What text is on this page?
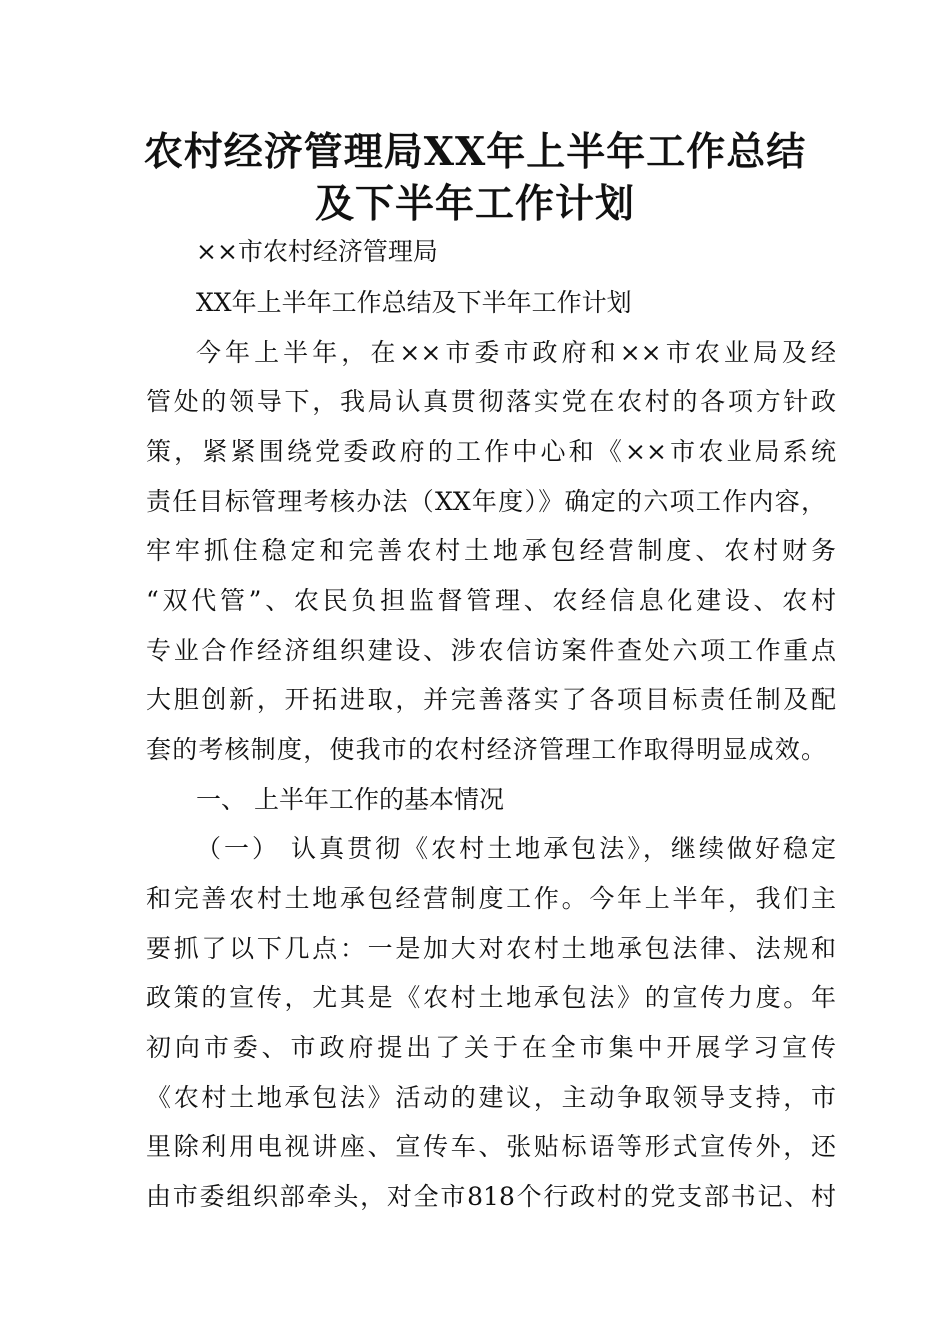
农村经济管理局XX年上半年工作总结
及下半年工作计划

××市农村经济管理局

XX年上半年工作总结及下半年工作计划

今年上半年，在××市委市政府和××市农业局及经

管处的领导下，我局认真贯彻落实党在农村的各项方针政

策，紧紧围绕党委政府的工作中心和《××市农业局系统

责任目标管理考核办法（XX年度）》确定的六项工作内容，

牢牢抓住稳定和完善农村土地承包经营制度、农村财务

“双代管”、农民负担监督管理、农经信息化建设、农村

专业合作经济组织建设、涉农信访案件查处六项工作重点

大胆创新，开拓进取，并完善落实了各项目标责任制及配

套的考核制度，使我市的农村经济管理工作取得明显成效。

一、 上半年工作的基本情况

（一） 认真贯彻《农村土地承包法》，继续做好稳定

和完善农村土地承包经营制度工作。今年上半年，我们主

要抓了以下几点：一是加大对农村土地承包法律、法规和

政策的宣传，尤其是《农村土地承包法》的宣传力度。年

初向市委、市政府提出了关于在全市集中开展学习宣传

《农村土地承包法》活动的建议，主动争取领导支持，市

里除利用电视讲座、宣传车、张贴标语等形式宣传外，还

由市委组织部牵头，对全市818个行政村的党支部书记、村
